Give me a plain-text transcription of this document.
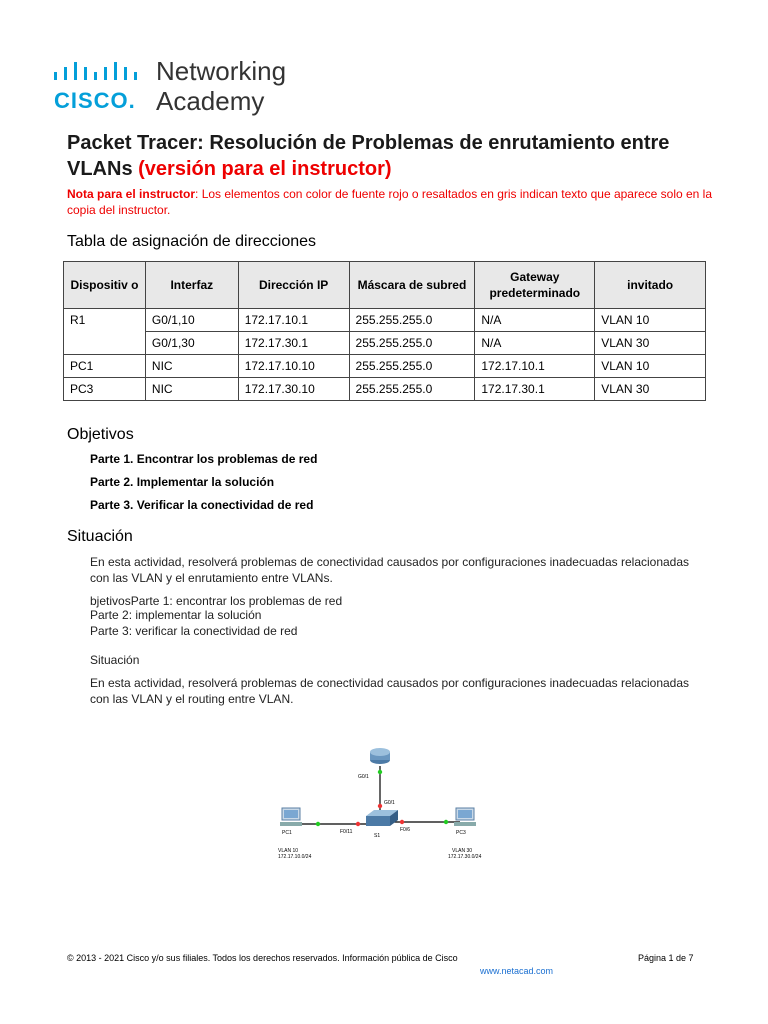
CISCO.
Networking
Academy
Packet Tracer: Resolución de Problemas de enrutamiento entre VLANs (versión para el instructor)
Nota para el instructor: Los elementos con color de fuente rojo o resaltados en gris indican texto que aparece solo en la copia del instructor.
Tabla de asignación de direcciones
Dispositiv o	Interfaz	Dirección IP	Máscara de subred	Gateway predeterminado	invitado
R1	G0/1,10	172.17.10.1	255.255.255.0	N/A	VLAN 10
	G0/1,30	172.17.30.1	255.255.255.0	N/A	VLAN 30
PC1	NIC	172.17.10.10	255.255.255.0	172.17.10.1	VLAN 10
PC3	NIC	172.17.30.10	255.255.255.0	172.17.30.1	VLAN 30
Objetivos
Parte 1. Encontrar los problemas de red
Parte 2. Implementar la solución
Parte 3. Verificar la conectividad de red
Situación
En esta actividad, resolverá problemas de conectividad causados por configuraciones inadecuadas relacionadas con las VLAN y el enrutamiento entre VLANs.
bjetivosParte 1: encontrar los problemas de red
Parte 2: implementar la solución
Parte 3: verificar la conectividad de red
Situación
En esta actividad, resolverá problemas de conectividad causados por configuraciones inadecuadas relacionadas con las VLAN y el routing entre VLAN.
G0/1
G0/1
F0/11	F0/6
S1
PC1
VLAN 10
172.17.10.0/24
PC3
VLAN 30
172.17.30.0/24
© 2013 - 2021 Cisco y/o sus filiales. Todos los derechos reservados. Información pública de Cisco	Página 1 de 7
www.netacad.com
